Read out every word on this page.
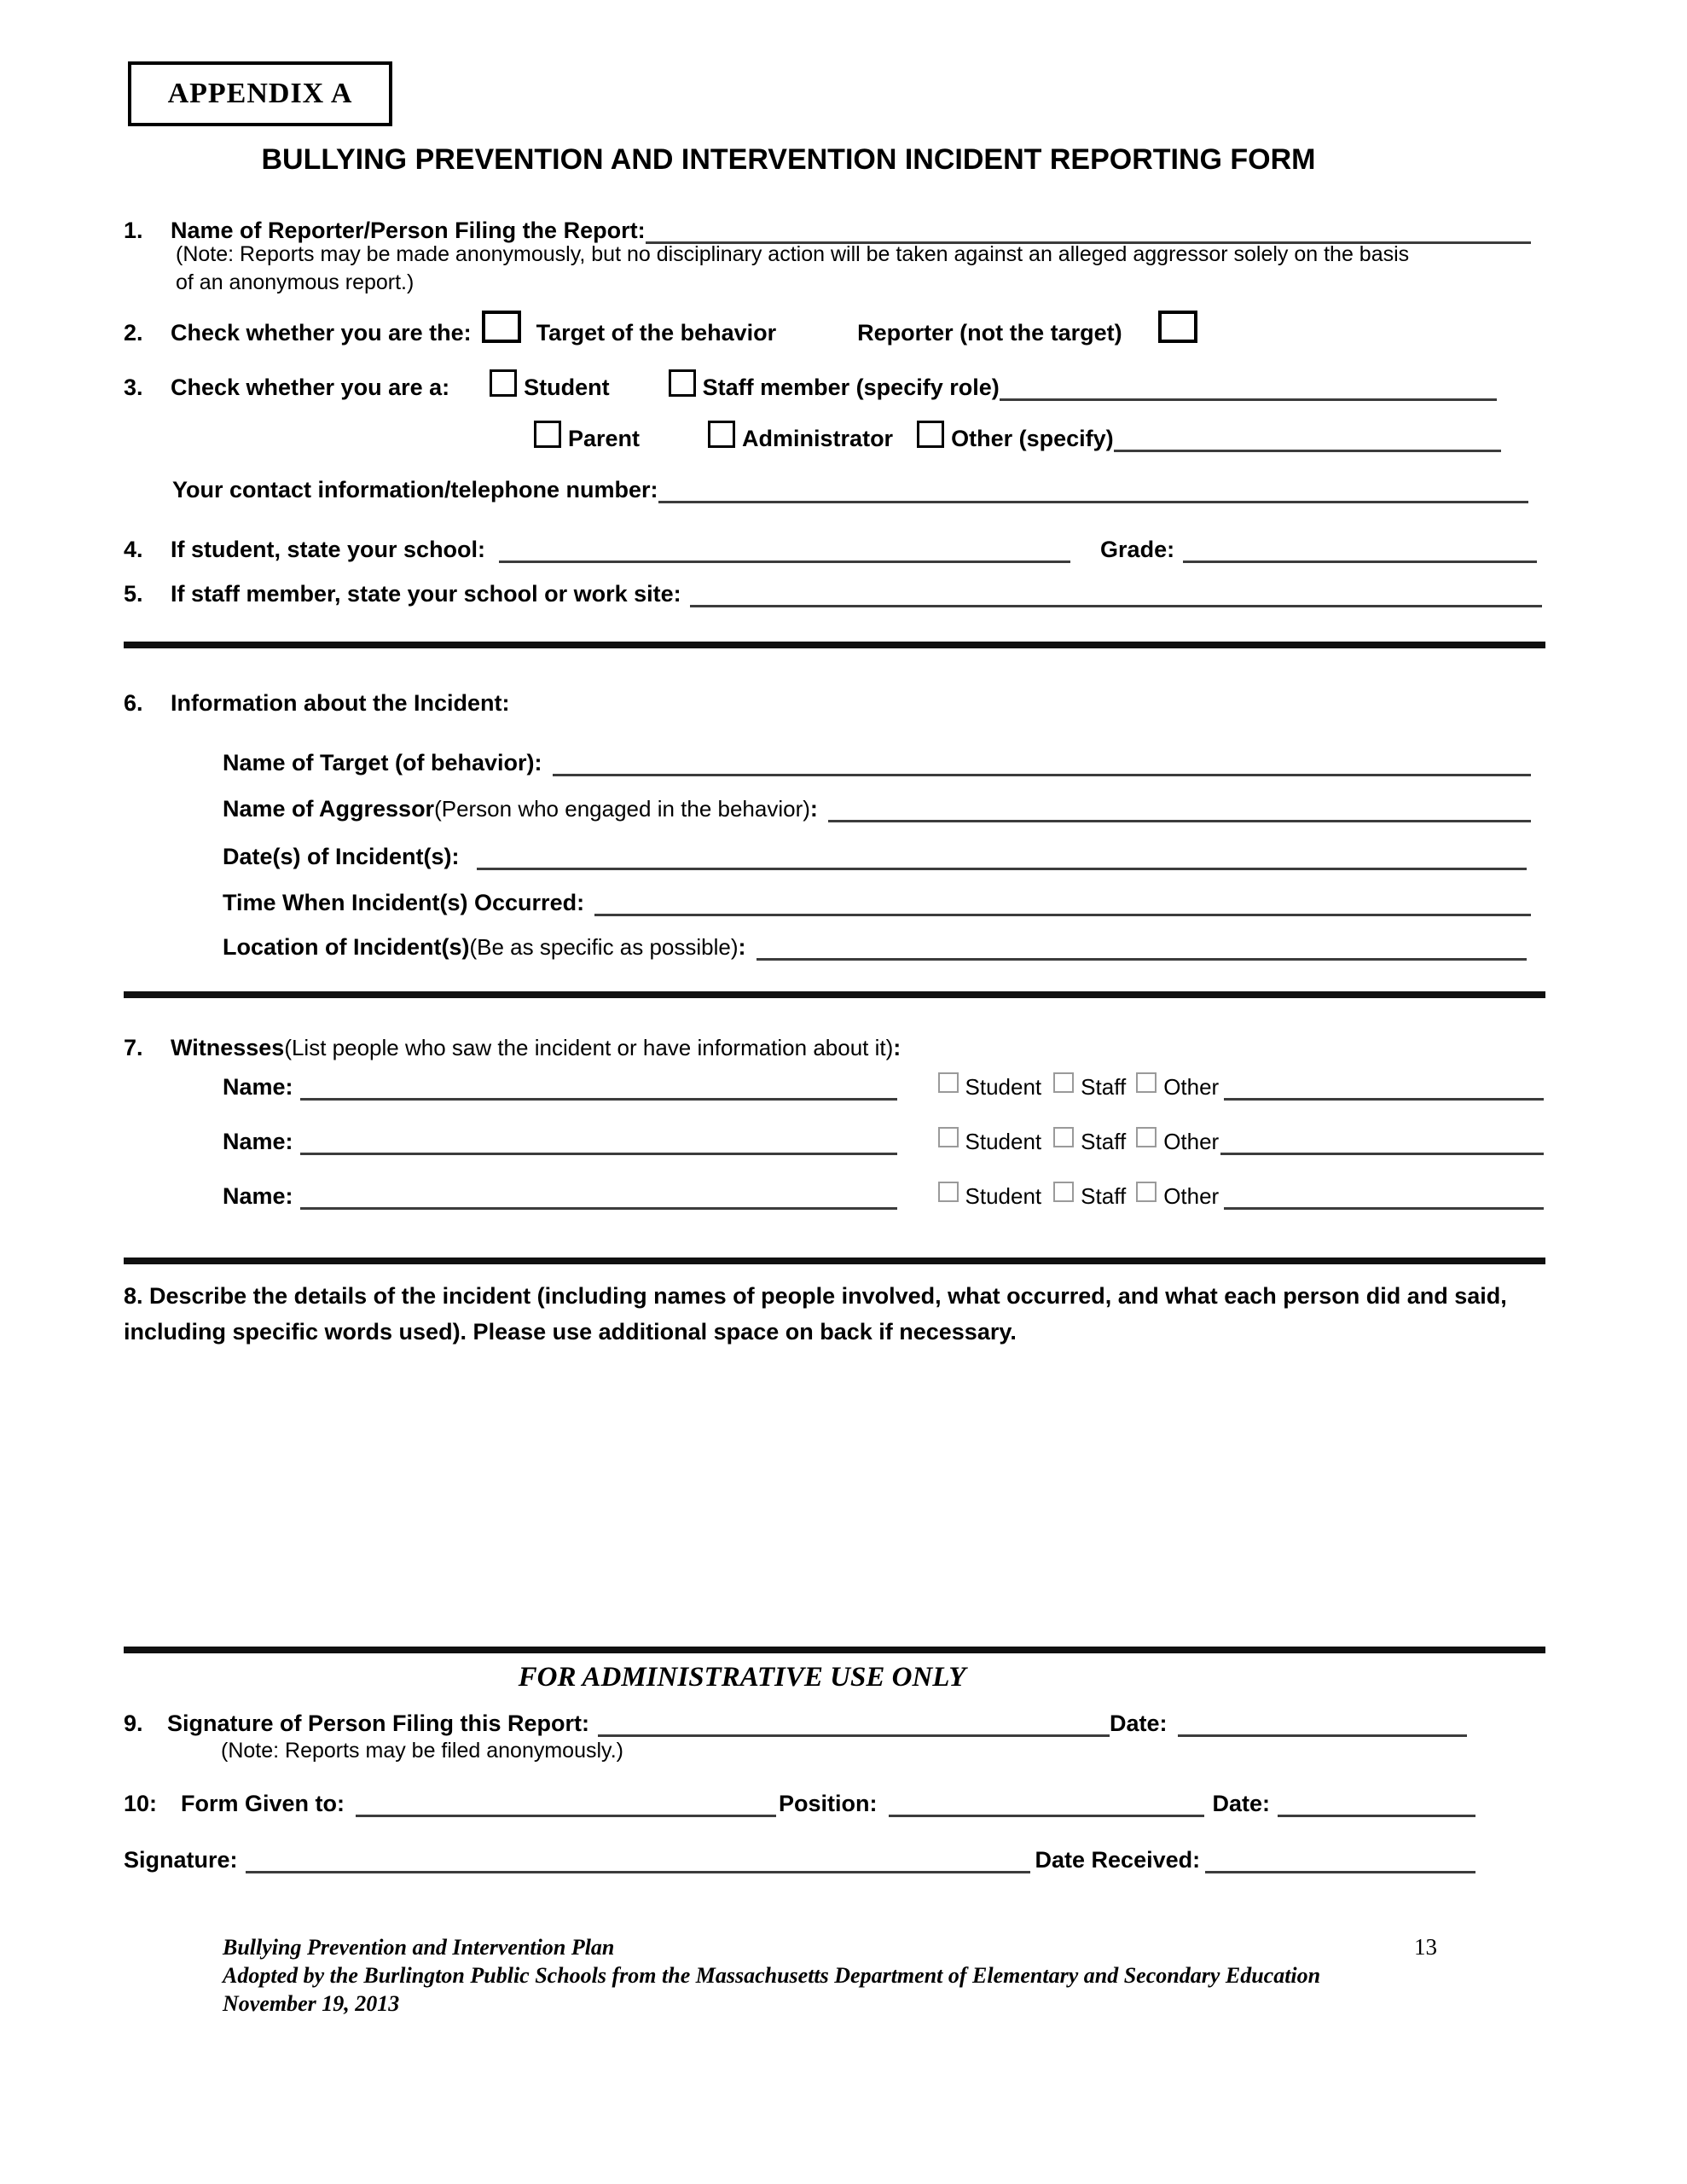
APPENDIX A
BULLYING PREVENTION AND INTERVENTION INCIDENT REPORTING FORM
1.	Name of Reporter/Person Filing the Report:
(Note: Reports may be made anonymously, but no disciplinary action will be taken against an alleged aggressor solely on the basis
of an anonymous report.)
2.	Check whether you are the:	Target of the behavior	Reporter (not the target)
3.	Check whether you are a:	Student	Staff member (specify role)
Parent	Administrator	Other (specify)
Your contact information/telephone number:
4.	If student, state your school:	Grade:
5.	If staff member, state your school or work site:
6.	Information about the Incident:
Name of Target (of behavior):
Name of Aggressor (Person who engaged in the behavior) :
Date(s) of Incident(s):
Time When Incident(s) Occurred:
Location of Incident(s) (Be as specific as possible) :
7.	Witnesses (List people who saw the incident or have information about it) :
Name:	Student Staff Other
Name:	Student Staff Other
Name:	Student Staff Other
8. Describe the details of the incident (including names of people involved, what occurred, and what each person did and said, including specific words used). Please use additional space on back if necessary.
FOR ADMINISTRATIVE USE ONLY
9.	Signature of Person Filing this Report:	Date:
(Note: Reports may be filed anonymously.)
10:	Form Given to:	Position:	Date:
Signature:	Date Received:
Bullying Prevention and Intervention Plan	13
Adopted by the Burlington Public Schools from the Massachusetts Department of Elementary and Secondary Education
November 19, 2013
